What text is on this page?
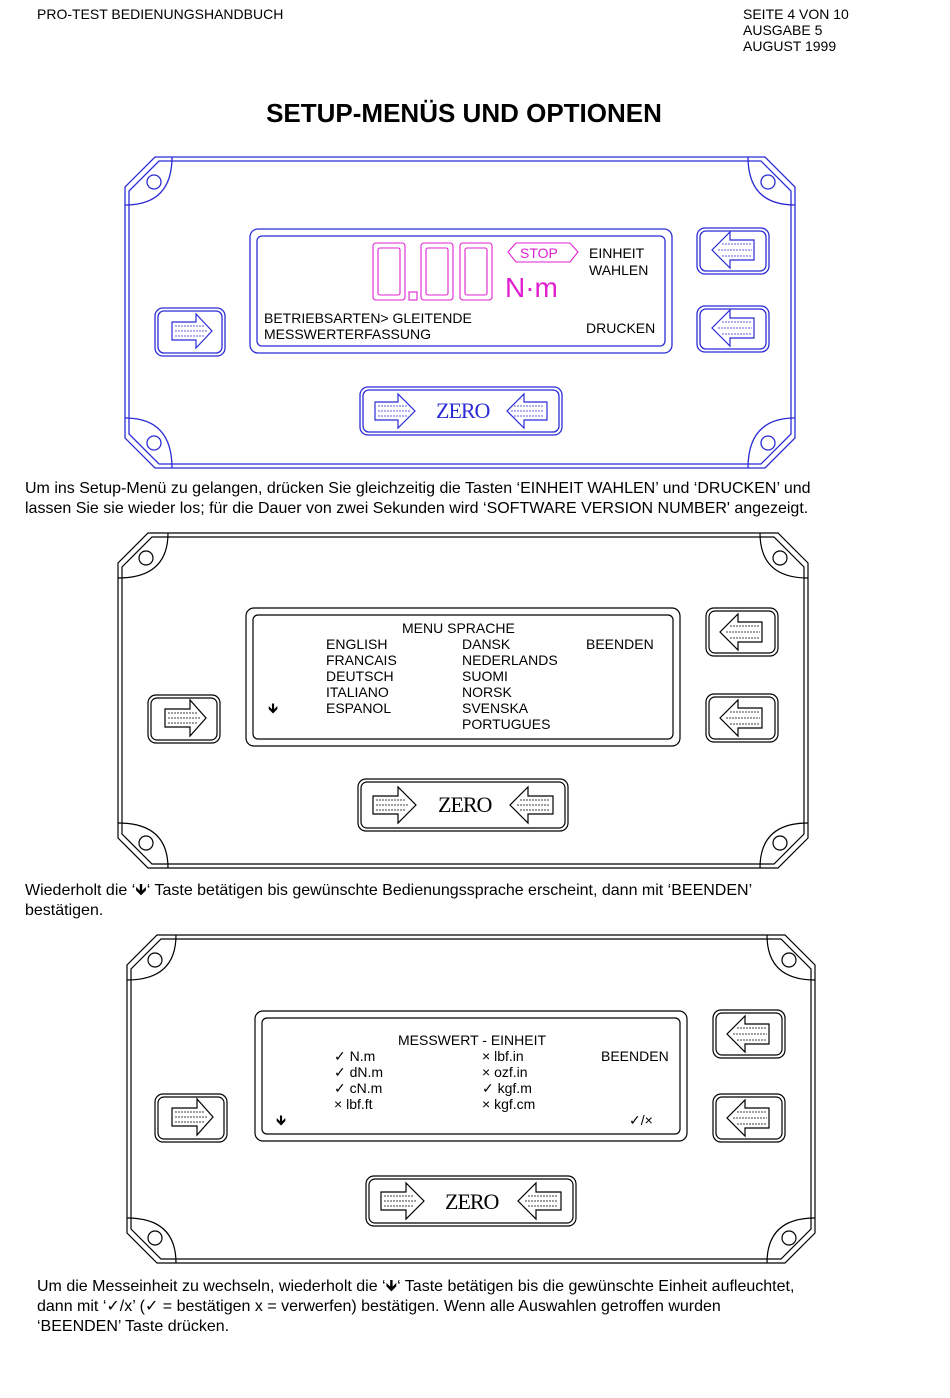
PRO-TEST BEDIENUNGSHANDBUCH	SEITE 4 VON 10
AUSGABE 5
AUGUST 1999
SETUP-MENÜS UND OPTIONEN
ZERO
STOP
N·m
EINHEIT
WAHLEN
DRUCKEN
BETRIEBSARTEN> GLEITENDE
MESSWERTERFASSUNG
Um ins Setup-Menü zu gelangen, drücken Sie gleichzeitig die Tasten ‘EINHEIT WAHLEN’ und ‘DRUCKEN’ und
lassen Sie sie wieder los; für die Dauer von zwei Sekunden wird ‘SOFTWARE VERSION NUMBER' angezeigt.
ZERO
MENU SPRACHE
BEENDEN
🡻
ENGLISH
FRANCAIS
DEUTSCH
ITALIANO
ESPANOL
DANSK
NEDERLANDS
SUOMI
NORSK
SVENSKA
PORTUGUES
Wiederholt die ‘🡻‘ Taste betätigen bis gewünschte Bedienungssprache erscheint, dann mit ‘BEENDEN’
bestätigen.
ZERO
MESSWERT - EINHEIT
BEENDEN
🡻	✓/×
✓ N.m
✓ dN.m
✓ cN.m
× lbf.ft
× lbf.in
× ozf.in
✓ kgf.m
× kgf.cm
Um die Messeinheit zu wechseln, wiederholt die ‘🡻‘ Taste betätigen bis die gewünschte Einheit aufleuchtet,
dann mit ‘✓/x’ (✓ = bestätigen x = verwerfen) bestätigen. Wenn alle Auswahlen getroffen wurden
‘BEENDEN’ Taste drücken.
